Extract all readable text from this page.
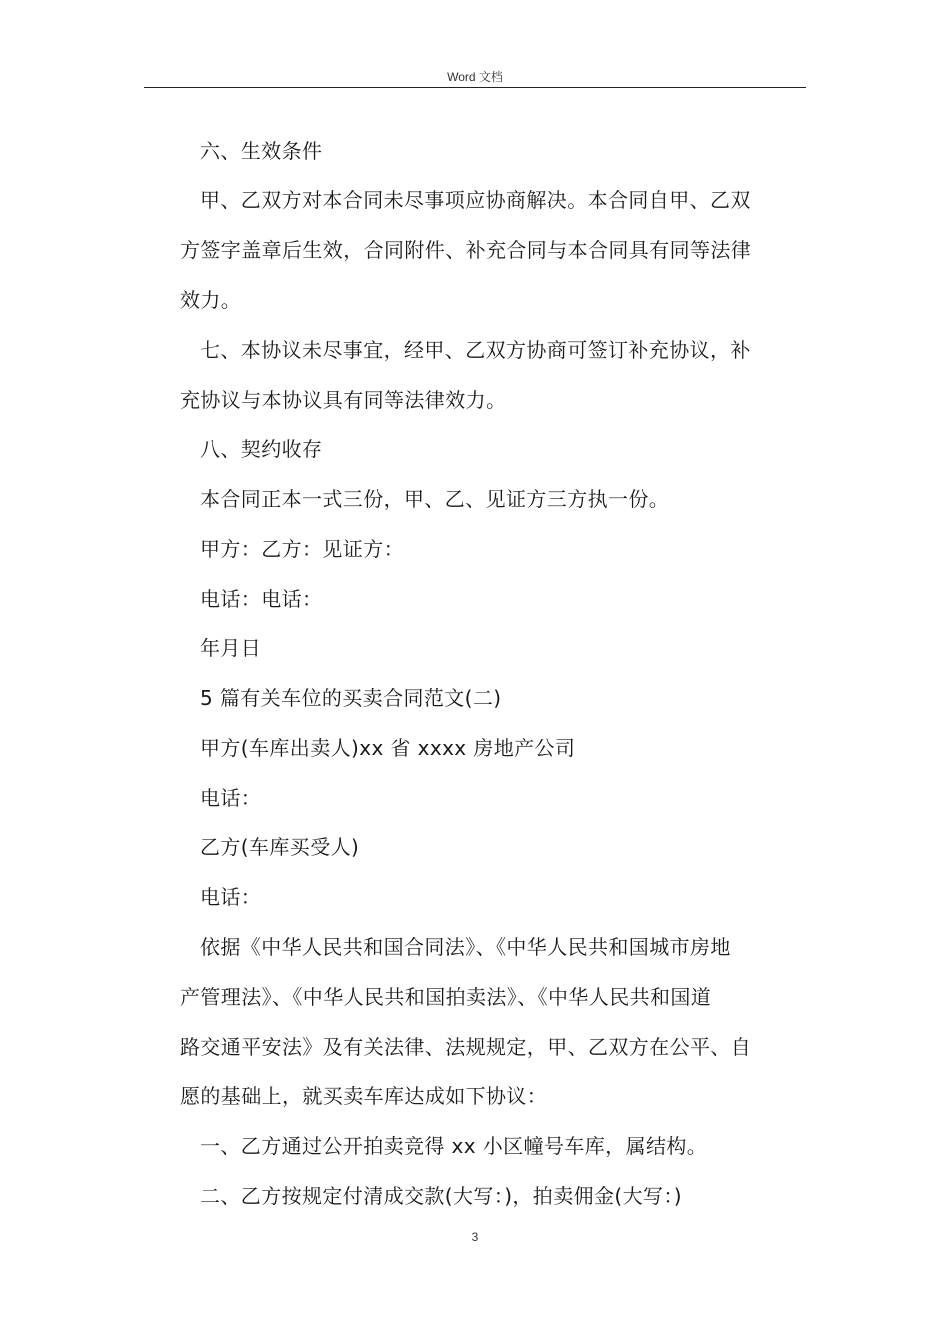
Word 文档
六、生效条件
甲、乙双方对本合同未尽事项应协商解决。本合同自甲、乙双
方签字盖章后生效，合同附件、补充合同与本合同具有同等法律
效力。
七、本协议未尽事宜，经甲、乙双方协商可签订补充协议，补
充协议与本协议具有同等法律效力。
八、契约收存
本合同正本一式三份，甲、乙、见证方三方执一份。
甲方：乙方：见证方：
电话：电话：
年月日
5 篇有关车位的买卖合同范文(二)
甲方(车库出卖人)xx 省 xxxx 房地产公司
电话：
乙方(车库买受人)
电话：
依据《中华人民共和国合同法》、《中华人民共和国城市房地
产管理法》、《中华人民共和国拍卖法》、《中华人民共和国道
路交通平安法》及有关法律、法规规定，甲、乙双方在公平、自
愿的基础上，就买卖车库达成如下协议：
一、乙方通过公开拍卖竞得 xx 小区幢号车库，属结构。
二、乙方按规定付清成交款(大写：)，拍卖佣金(大写：)
3
